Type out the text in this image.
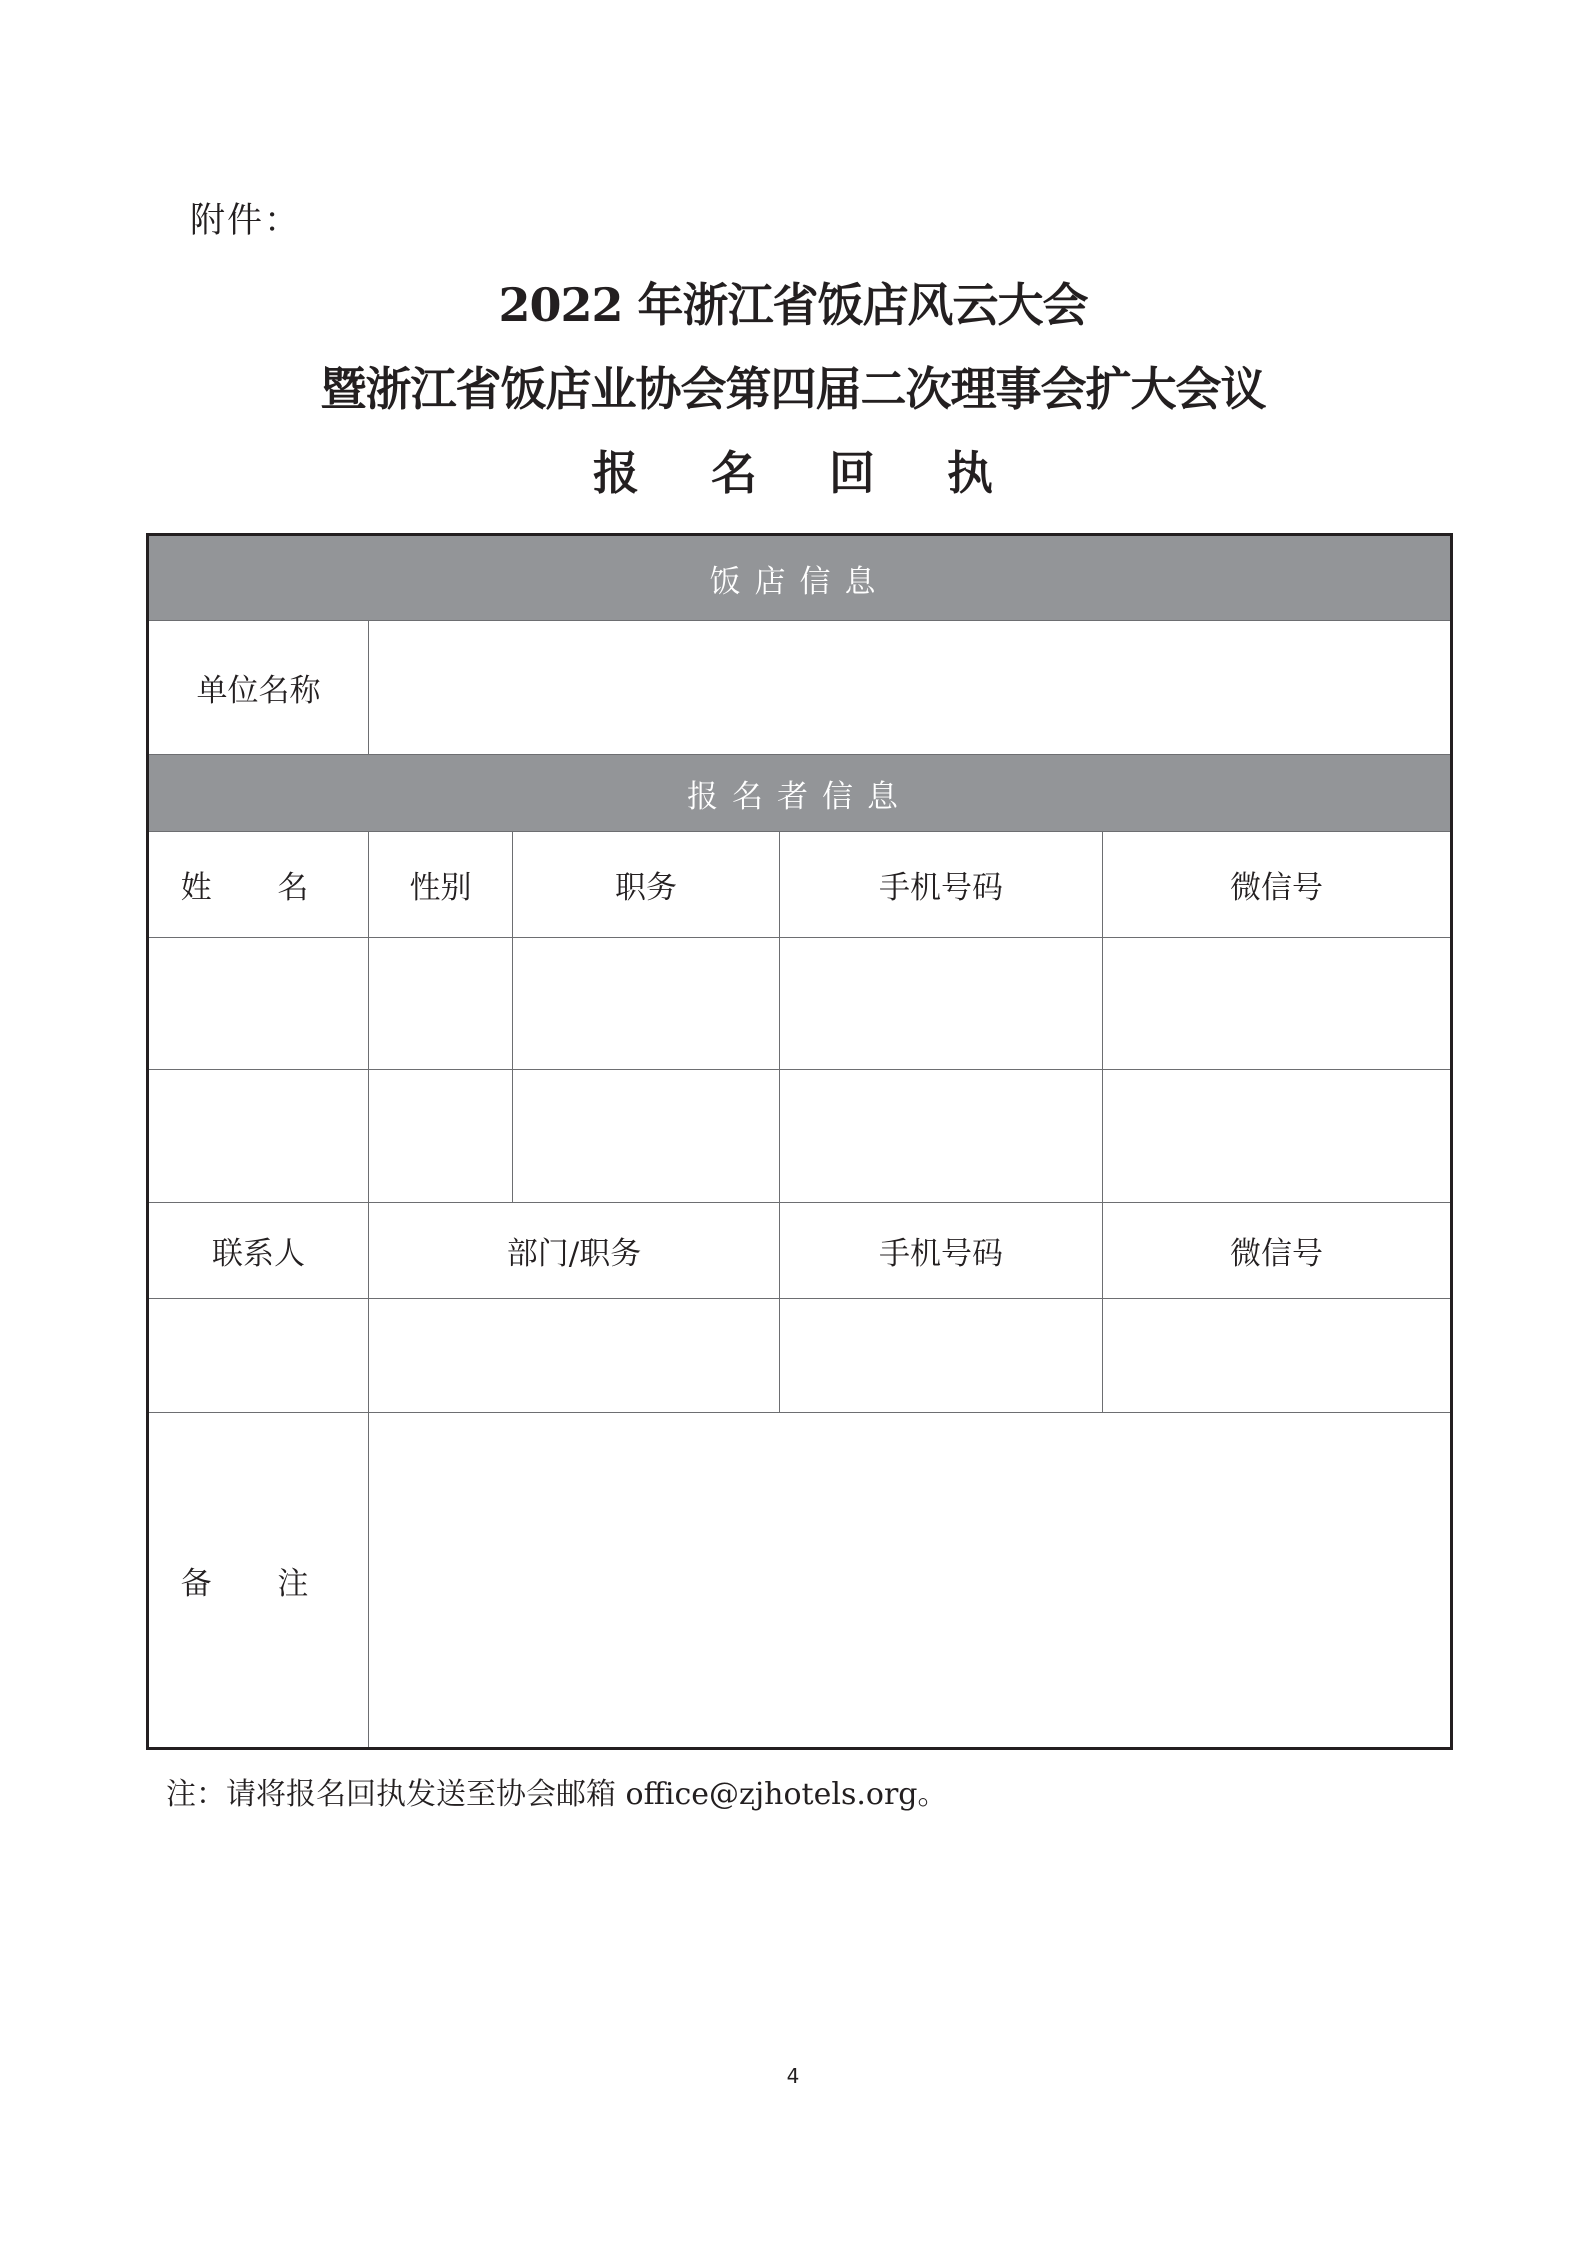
附件：
2022 年浙江省饭店风云大会
暨浙江省饭店业协会第四届二次理事会扩大会议
报 名 回 执
饭店信息				
单位名称				
报名者信息				
姓 名	性别	职务	手机号码	微信号

联系人	部门/职务		手机号码	微信号

备 注				
注：请将报名回执发送至协会邮箱 office@zjhotels.org。
4
